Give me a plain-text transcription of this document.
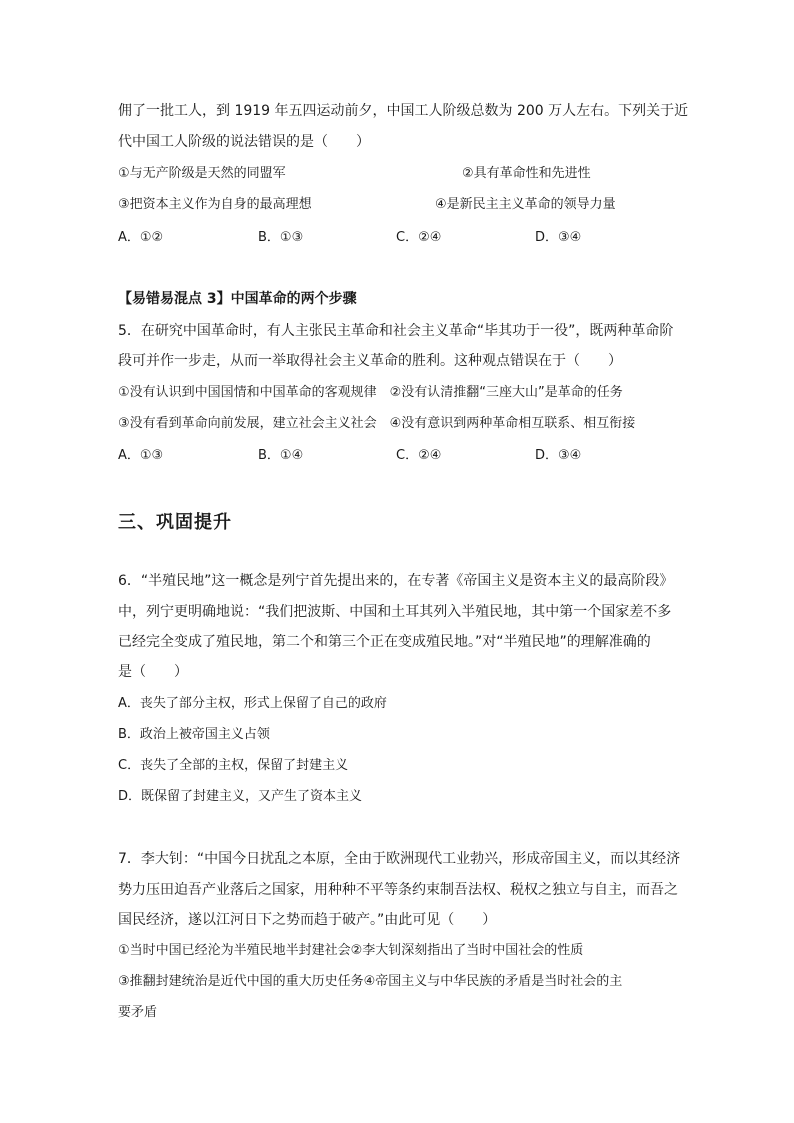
佣了一批工人，到 1919 年五四运动前夕，中国工人阶级总数为 200 万人左右。下列关于近
代中国工人阶级的说法错误的是（　　）
①与无产阶级是天然的同盟军	②具有革命性和先进性
③把资本主义作为自身的最高理想	④是新民主主义革命的领导力量
A．①②	B．①③	C．②④	D．③④
【易错易混点 3】中国革命的两个步骤
5．在研究中国革命时，有人主张民主革命和社会主义革命“毕其功于一役”，既两种革命阶
段可并作一步走，从而一举取得社会主义革命的胜利。这种观点错误在于（　　）
①没有认识到中国国情和中国革命的客观规律　②没有认清推翻“三座大山”是革命的任务
③没有看到革命向前发展，建立社会主义社会　④没有意识到两种革命相互联系、相互衔接
A．①③	B．①④	C．②④	D．③④
三、巩固提升
6．“半殖民地”这一概念是列宁首先提出来的，在专著《帝国主义是资本主义的最高阶段》
中，列宁更明确地说：“我们把波斯、中国和土耳其列入半殖民地，其中第一个国家差不多
已经完全变成了殖民地，第二个和第三个正在变成殖民地。”对“半殖民地”的理解准确的
是（　　）
A．丧失了部分主权，形式上保留了自己的政府
B．政治上被帝国主义占领
C．丧失了全部的主权，保留了封建主义
D．既保留了封建主义，又产生了资本主义
7．李大钊：“中国今日扰乱之本原，全由于欧洲现代工业勃兴，形成帝国主义，而以其经济
势力压田迫吾产业落后之国家，用种种不平等条约束制吾法权、税权之独立与自主，而吾之
国民经济，遂以江河日下之势而趋于破产。”由此可见（　　）
①当时中国已经沦为半殖民地半封建社会②李大钊深刻指出了当时中国社会的性质
③推翻封建统治是近代中国的重大历史任务④帝国主义与中华民族的矛盾是当时社会的主
要矛盾
